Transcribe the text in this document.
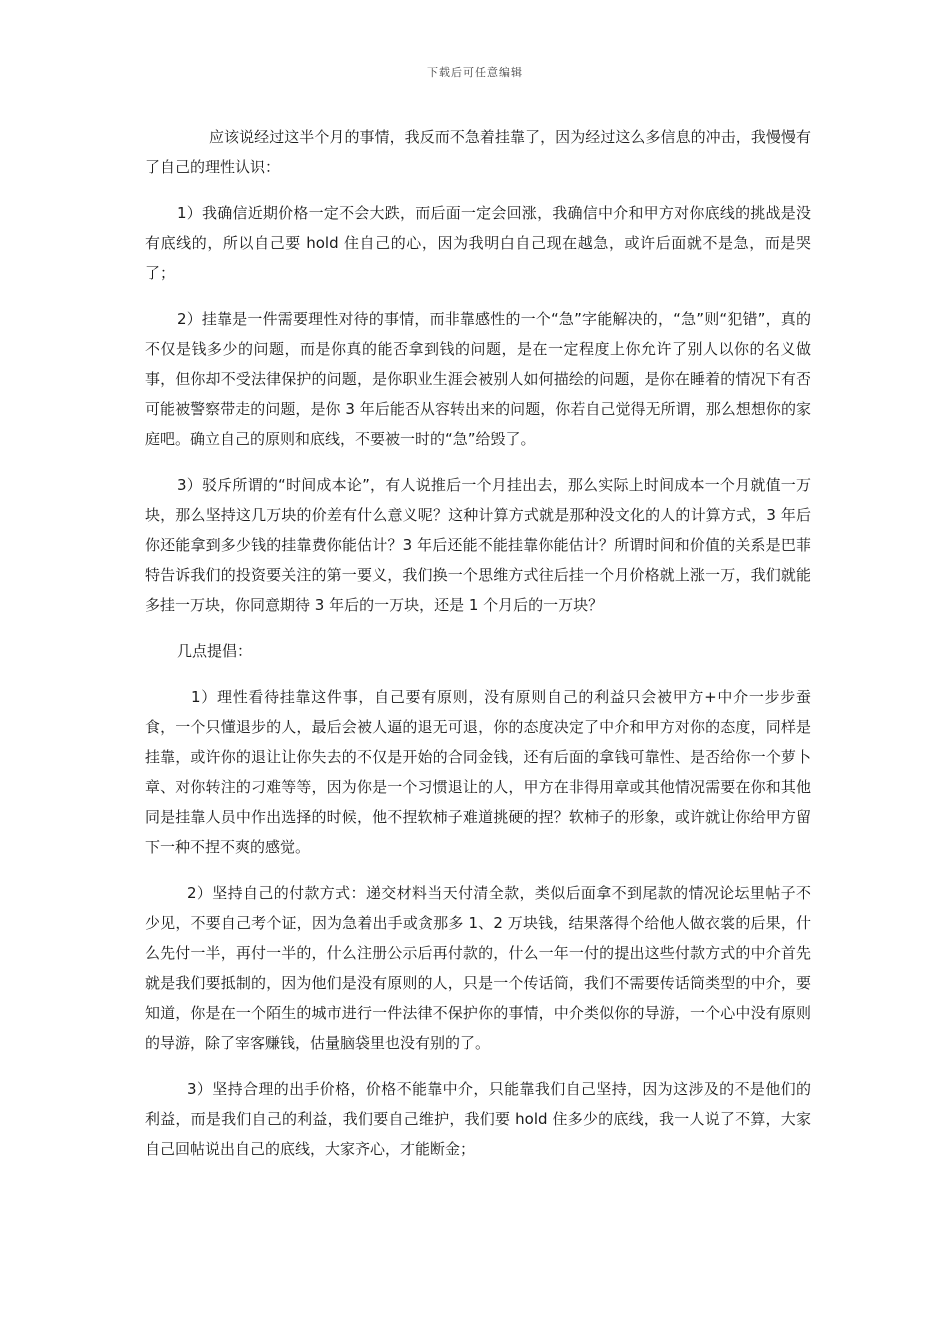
下载后可任意编辑

应该说经过这半个月的事情，我反而不急着挂靠了，因为经过这么多信息的冲击，我慢慢有了自己的理性认识：

1）我确信近期价格一定不会大跌，而后面一定会回涨，我确信中介和甲方对你底线的挑战是没有底线的，所以自己要 hold 住自己的心，因为我明白自己现在越急，或许后面就不是急，而是哭了；

2）挂靠是一件需要理性对待的事情，而非靠感性的一个“急”字能解决的，“急”则“犯错”，真的不仅是钱多少的问题，而是你真的能否拿到钱的问题，是在一定程度上你允许了别人以你的名义做事，但你却不受法律保护的问题，是你职业生涯会被别人如何描绘的问题，是你在睡着的情况下有否可能被警察带走的问题，是你 3 年后能否从容转出来的问题，你若自己觉得无所谓，那么想想你的家庭吧。确立自己的原则和底线，不要被一时的“急”给毁了。

3）驳斥所谓的“时间成本论”，有人说推后一个月挂出去，那么实际上时间成本一个月就值一万块，那么坚持这几万块的价差有什么意义呢？这种计算方式就是那种没文化的人的计算方式，3 年后你还能拿到多少钱的挂靠费你能估计？3 年后还能不能挂靠你能估计？所谓时间和价值的关系是巴菲特告诉我们的投资要关注的第一要义，我们换一个思维方式往后挂一个月价格就上涨一万，我们就能多挂一万块，你同意期待 3 年后的一万块，还是 1 个月后的一万块？

几点提倡：

1）理性看待挂靠这件事，自己要有原则，没有原则自己的利益只会被甲方+中介一步步蚕食，一个只懂退步的人，最后会被人逼的退无可退，你的态度决定了中介和甲方对你的态度，同样是挂靠，或许你的退让让你失去的不仅是开始的合同金钱，还有后面的拿钱可靠性、是否给你一个萝卜章、对你转注的刁难等等，因为你是一个习惯退让的人，甲方在非得用章或其他情况需要在你和其他同是挂靠人员中作出选择的时候，他不捏软柿子难道挑硬的捏？软柿子的形象，或许就让你给甲方留下一种不捏不爽的感觉。

2）坚持自己的付款方式：递交材料当天付清全款，类似后面拿不到尾款的情况论坛里帖子不少见，不要自己考个证，因为急着出手或贪那多 1、2 万块钱，结果落得个给他人做衣裳的后果，什么先付一半，再付一半的，什么注册公示后再付款的，什么一年一付的提出这些付款方式的中介首先就是我们要抵制的，因为他们是没有原则的人，只是一个传话筒，我们不需要传话筒类型的中介，要知道，你是在一个陌生的城市进行一件法律不保护你的事情，中介类似你的导游，一个心中没有原则的导游，除了宰客赚钱，估量脑袋里也没有别的了。

3）坚持合理的出手价格，价格不能靠中介，只能靠我们自己坚持，因为这涉及的不是他们的利益，而是我们自己的利益，我们要自己维护，我们要 hold 住多少的底线，我一人说了不算，大家自己回帖说出自己的底线，大家齐心，才能断金；
